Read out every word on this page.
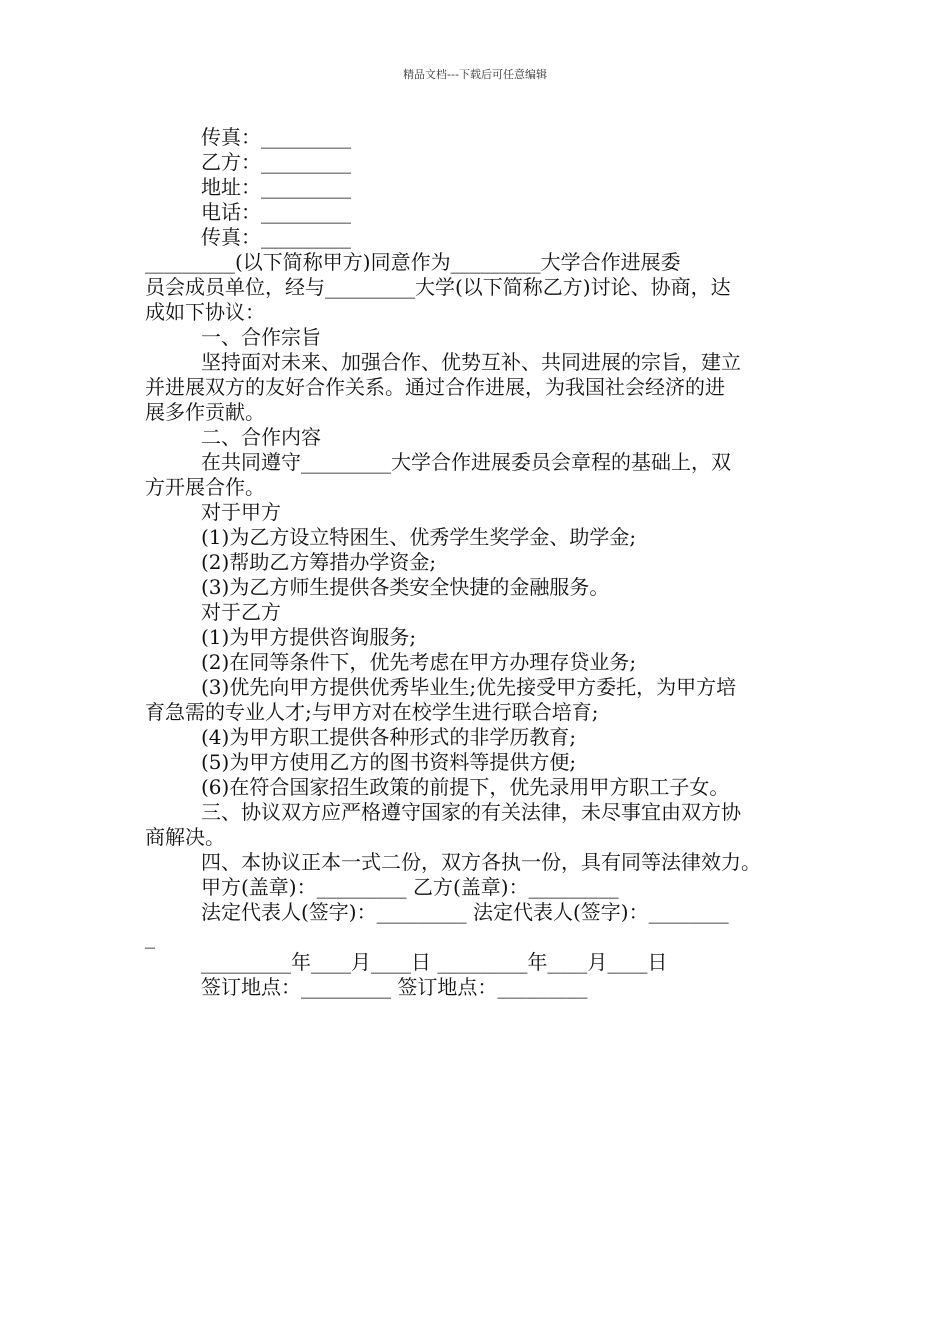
精品文档---下载后可任意编辑
传真：_________
乙方：_________
地址：_________
电话：_________
传真：_________
_________(以下简称甲方)同意作为_________大学合作进展委
员会成员单位，经与_________大学(以下简称乙方)讨论、协商，达
成如下协议：
一、合作宗旨
坚持面对未来、加强合作、优势互补、共同进展的宗旨，建立
并进展双方的友好合作关系。通过合作进展，为我国社会经济的进
展多作贡献。
二、合作内容
在共同遵守_________大学合作进展委员会章程的基础上，双
方开展合作。
对于甲方
(1)为乙方设立特困生、优秀学生奖学金、助学金;
(2)帮助乙方筹措办学资金;
(3)为乙方师生提供各类安全快捷的金融服务。
对于乙方
(1)为甲方提供咨询服务;
(2)在同等条件下，优先考虑在甲方办理存贷业务;
(3)优先向甲方提供优秀毕业生;优先接受甲方委托，为甲方培
育急需的专业人才;与甲方对在校学生进行联合培育;
(4)为甲方职工提供各种形式的非学历教育;
(5)为甲方使用乙方的图书资料等提供方便;
(6)在符合国家招生政策的前提下，优先录用甲方职工子女。
三、协议双方应严格遵守国家的有关法律，未尽事宜由双方协
商解决。
四、本协议正本一式二份，双方各执一份，具有同等法律效力。
甲方(盖章)：_________ 乙方(盖章)：_________
法定代表人(签字)：_________ 法定代表人(签字)：________
_
_________年____月____日 _________年____月____日
签订地点：_________ 签订地点：_________
